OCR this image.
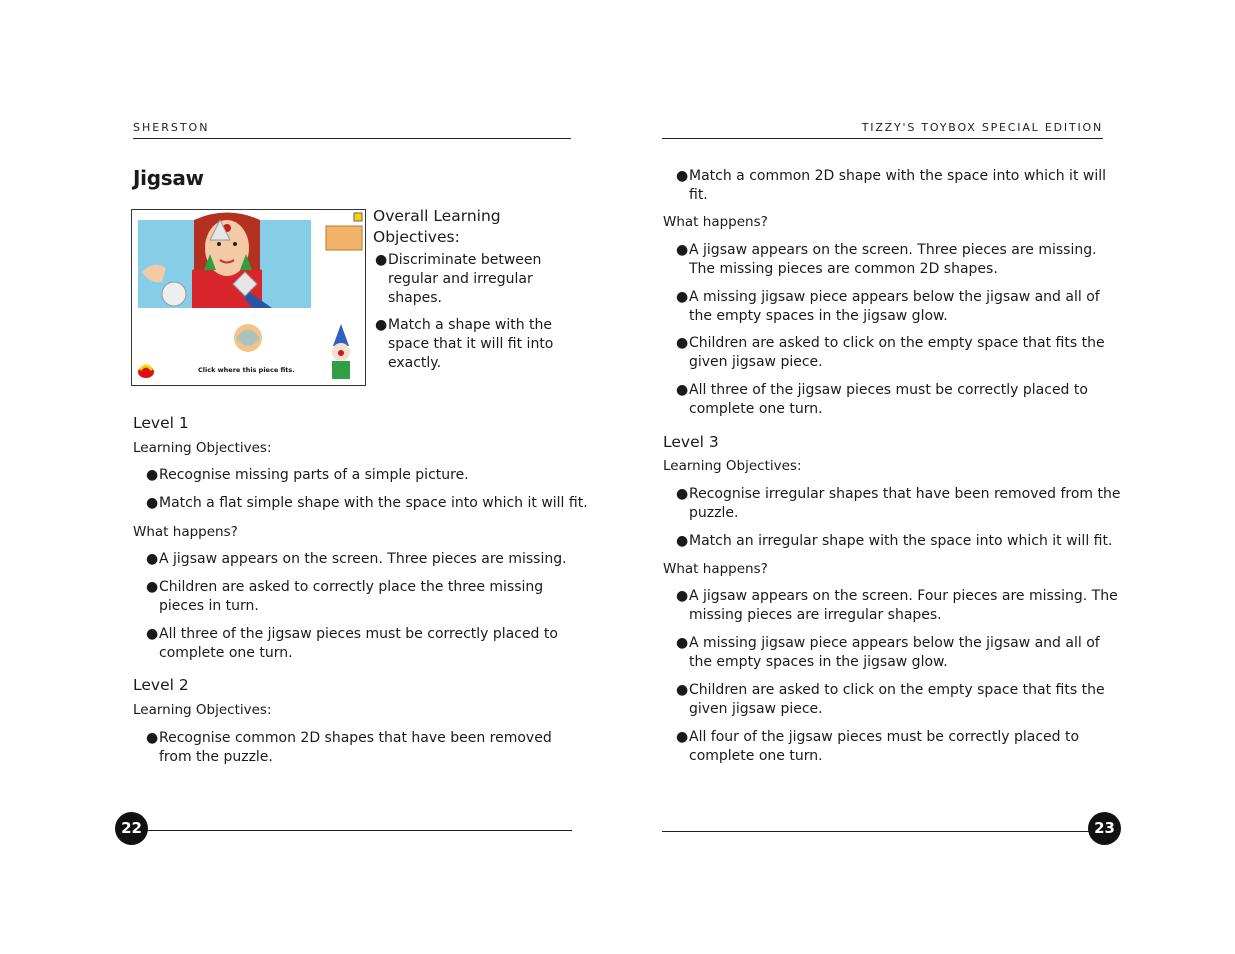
SHERSTON	TIZZY'S TOYBOX SPECIAL EDITION
Jigsaw
Click where this piece fits.
Overall Learning
Objectives:
● Discriminate between
regular and irregular
shapes.
● Match a shape with the
space that it will fit into
exactly.
Level 1
Learning Objectives:
● Recognise missing parts of a simple picture.
● Match a flat simple shape with the space into which it will fit.
What happens?
● A jigsaw appears on the screen. Three pieces are missing.
● Children are asked to correctly place the three missing
pieces in turn.
● All three of the jigsaw pieces must be correctly placed to
complete one turn.
Level 2
Learning Objectives:
● Recognise common 2D shapes that have been removed
from the puzzle.
● Match a common 2D shape with the space into which it will
fit.
What happens?
● A jigsaw appears on the screen. Three pieces are missing.
The missing pieces are common 2D shapes.
● A missing jigsaw piece appears below the jigsaw and all of
the empty spaces in the jigsaw glow.
● Children are asked to click on the empty space that fits the
given jigsaw piece.
● All three of the jigsaw pieces must be correctly placed to
complete one turn.
Level 3
Learning Objectives:
● Recognise irregular shapes that have been removed from the
puzzle.
● Match an irregular shape with the space into which it will fit.
What happens?
● A jigsaw appears on the screen. Four pieces are missing. The
missing pieces are irregular shapes.
● A missing jigsaw piece appears below the jigsaw and all of
the empty spaces in the jigsaw glow.
● Children are asked to click on the empty space that fits the
given jigsaw piece.
● All four of the jigsaw pieces must be correctly placed to
complete one turn.
22	23
